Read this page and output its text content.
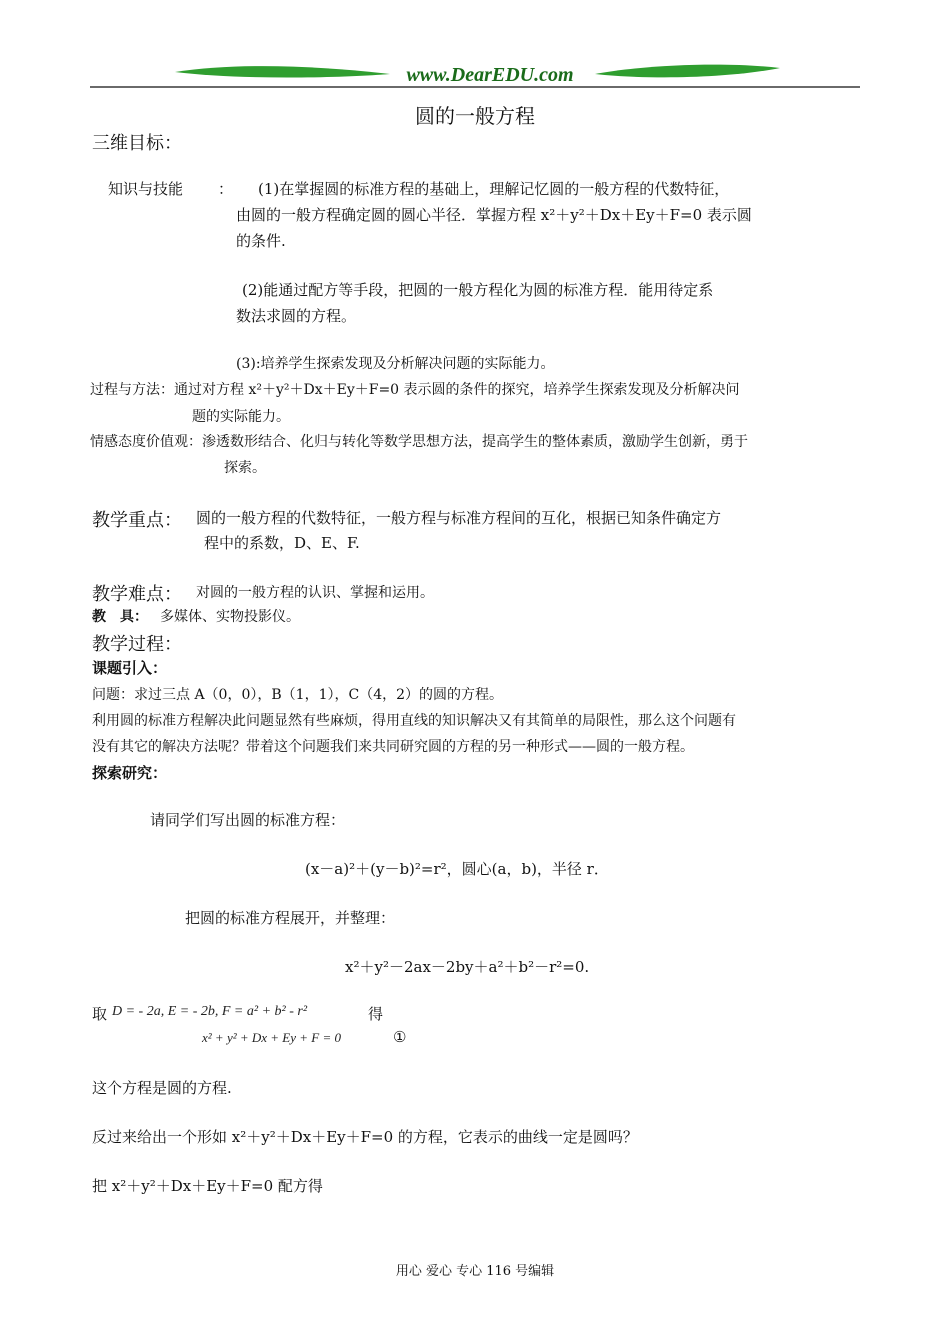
www.DearEDU.com
圆的一般方程
三维目标：
知识与技能 ： (1)在掌握圆的标准方程的基础上，理解记忆圆的一般方程的代数特征，
由圆的一般方程确定圆的圆心半径．掌握方程 x²＋y²＋Dx＋Ey＋F=0 表示圆
的条件.
(2)能通过配方等手段，把圆的一般方程化为圆的标准方程．能用待定系
数法求圆的方程。
(3):培养学生探索发现及分析解决问题的实际能力。
过程与方法：通过对方程 x²＋y²＋Dx＋Ey＋F=0 表示圆的条件的探究，培养学生探索发现及分析解决问
题的实际能力。
情感态度价值观：渗透数形结合、化归与转化等数学思想方法，提高学生的整体素质，激励学生创新，勇于
探索。
教学重点： 圆的一般方程的代数特征，一般方程与标准方程间的互化，根据已知条件确定方
程中的系数，D、E、F.
教学难点： 对圆的一般方程的认识、掌握和运用。
教　具： 多媒体、实物投影仪。
教学过程：
课题引入：
问题：求过三点 A（0，0），B（1，1），C（4，2）的圆的方程。
利用圆的标准方程解决此问题显然有些麻烦，得用直线的知识解决又有其简单的局限性，那么这个问题有
没有其它的解决方法呢？带着这个问题我们来共同研究圆的方程的另一种形式——圆的一般方程。
探索研究：
请同学们写出圆的标准方程：
(x－a)²＋(y－b)²=r²，圆心(a，b)，半径 r．
把圆的标准方程展开，并整理：
x²＋y²－2ax－2by＋a²＋b²－r²=0.
取 D = - 2a, E = - 2b, F = a² + b² - r²	得
x² + y² + Dx + Ey + F = 0	①
这个方程是圆的方程.
反过来给出一个形如 x²＋y²＋Dx＋Ey＋F=0 的方程，它表示的曲线一定是圆吗？
把 x²＋y²＋Dx＋Ey＋F=0 配方得
用心 爱心 专心 116 号编辑
